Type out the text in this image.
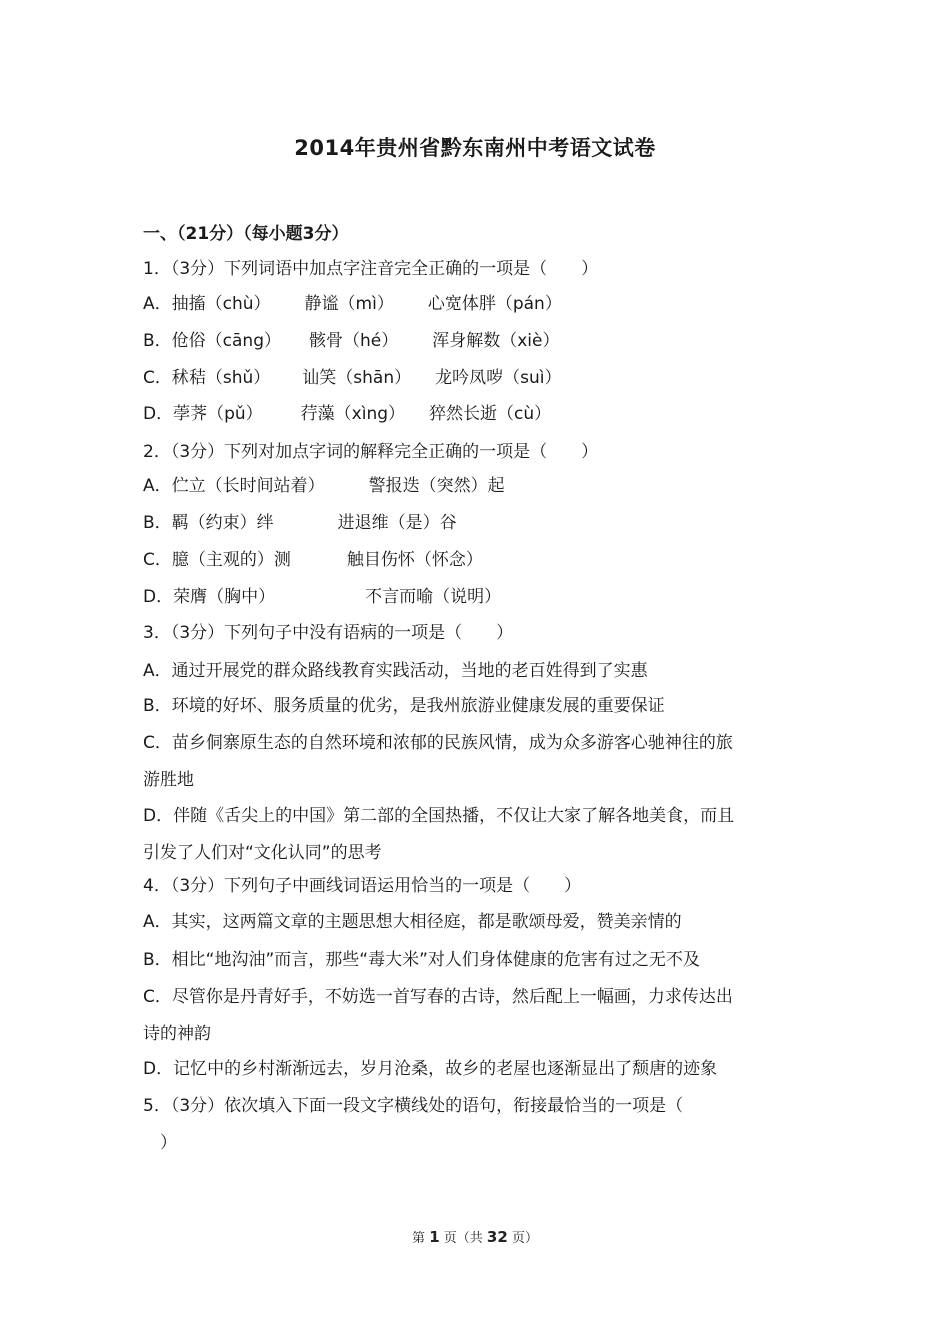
2014年贵州省黔东南州中考语文试卷
一、（21分）（每小题3分）
1．（3分）下列词语中加点字注音完全正确的一项是（　　）
A．抽搐（chù） 静谧（mì） 心宽体胖（pán）
B．伧俗（cāng） 骸骨（hé） 浑身解数（xiè）
C．秫秸（shǔ） 讪笑（shān） 龙吟凤哕（suì）
D．荸荠（pǔ） 荇藻（xìng） 猝然长逝（cù）
2．（3分）下列对加点字词的解释完全正确的一项是（　　）
A．伫立（长时间站着）	警报迭（突然）起
B．羁（约束）绊	进退维（是）谷
C．臆（主观的）测	触目伤怀（怀念）
D．荣膺（胸中）	不言而喻（说明）
3．（3分）下列句子中没有语病的一项是（　　）
A．通过开展党的群众路线教育实践活动，当地的老百姓得到了实惠
B．环境的好坏、服务质量的优劣，是我州旅游业健康发展的重要保证
C．苗乡侗寨原生态的自然环境和浓郁的民族风情，成为众多游客心驰神往的旅
游胜地
D．伴随《舌尖上的中国》第二部的全国热播，不仅让大家了解各地美食，而且
引发了人们对“文化认同”的思考
4．（3分）下列句子中画线词语运用恰当的一项是（　　）
A．其实，这两篇文章的主题思想大相径庭，都是歌颂母爱，赞美亲情的
B．相比“地沟油”而言，那些“毒大米”对人们身体健康的危害有过之无不及
C．尽管你是丹青好手，不妨选一首写春的古诗，然后配上一幅画，力求传达出
诗的神韵
D．记忆中的乡村渐渐远去，岁月沧桑，故乡的老屋也逐渐显出了颓唐的迹象
5．（3分）依次填入下面一段文字横线处的语句，衔接最恰当的一项是（
　）
第 1 页（共 32 页）
